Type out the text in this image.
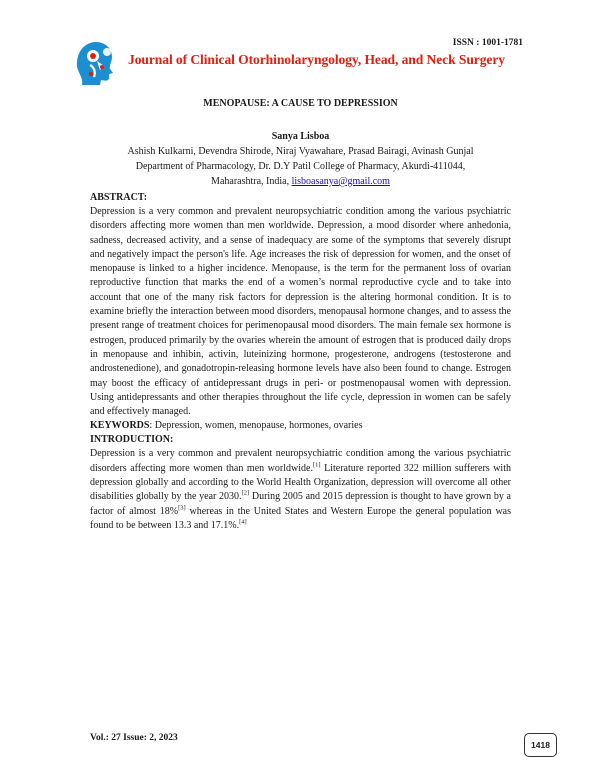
ISSN : 1001-1781
Journal of Clinical Otorhinolaryngology, Head, and Neck Surgery
MENOPAUSE: A CAUSE TO DEPRESSION
Sanya Lisboa
Ashish Kulkarni, Devendra Shirode, Niraj Vyawahare, Prasad Bairagi, Avinash Gunjal
Department of Pharmacology, Dr. D.Y Patil College of Pharmacy, Akurdi-411044,
Maharashtra, India, lisboasanya@gmail.com
ABSTRACT:

Depression is a very common and prevalent neuropsychiatric condition among the various psychiatric disorders affecting more women than men worldwide. Depression, a mood disorder where anhedonia, sadness, decreased activity, and a sense of inadequacy are some of the symptoms that severely disrupt and negatively impact the person's life. Age increases the risk of depression for women, and the onset of menopause is linked to a higher incidence. Menopause, is the term for the permanent loss of ovarian reproductive function that marks the end of a women’s normal reproductive cycle and to take into account that one of the many risk factors for depression is the altering hormonal condition. It is to examine briefly the interaction between mood disorders, menopausal hormone changes, and to assess the present range of treatment choices for perimenopausal mood disorders. The main female sex hormone is estrogen, produced primarily by the ovaries wherein the amount of estrogen that is produced daily drops in menopause and inhibin, activin, luteinizing hormone, progesterone, androgens (testosterone and androstenedione), and gonadotropin-releasing hormone levels have also been found to change. Estrogen may boost the efficacy of antidepressant drugs in peri- or postmenopausal women with depression. Using antidepressants and other therapies throughout the life cycle, depression in women can be safely and effectively managed.

KEYWORDS: Depression, women, menopause, hormones, ovaries
INTRODUCTION:

Depression is a very common and prevalent neuropsychiatric condition among the various psychiatric disorders affecting more women than men worldwide.[1] Literature reported 322 million sufferers with depression globally and according to the World Health Organization, depression will overcome all other disabilities globally by the year 2030.[2] During 2005 and 2015 depression is thought to have grown by a factor of almost 18%[3] whereas in the United States and Western Europe the general population was found to be between 13.3 and 17.1%.[4]

Vol.: 27 Issue: 2, 2023
1418
